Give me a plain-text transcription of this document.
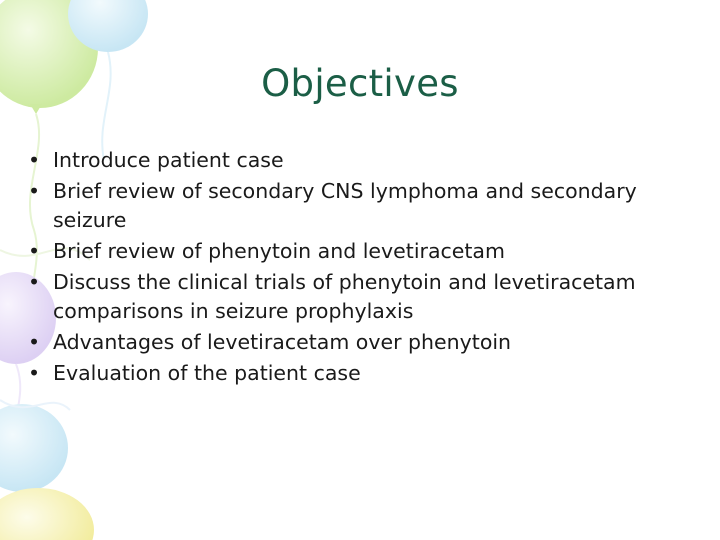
Objectives
• Introduce patient case
• Brief review of secondary CNS lymphoma and secondary seizure
• Brief review of phenytoin and levetiracetam
• Discuss the clinical trials of phenytoin and levetiracetam comparisons in seizure prophylaxis
• Advantages of levetiracetam over phenytoin
• Evaluation of the patient case
